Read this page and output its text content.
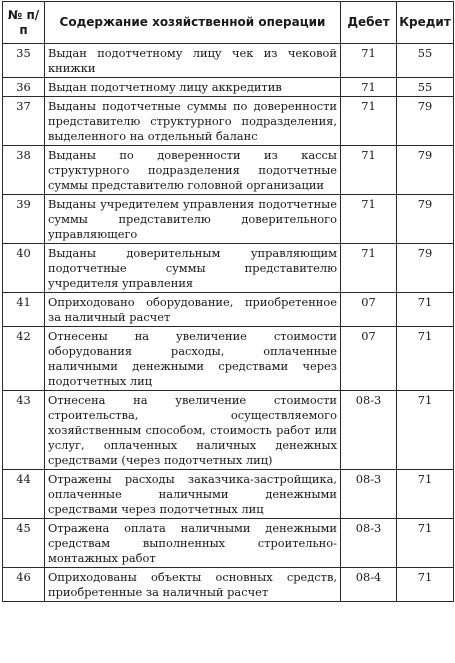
№ п/п	Содержание хозяйственной операции	Дебет	Кредит
35	Выдан подотчетному лицу чек из чековой книжки	71	55
36	Выдан подотчетному лицу аккредитив	71	55
37	Выданы подотчетные суммы по доверенности представителю структурного подразделения, выделенного на отдельный баланс	71	79
38	Выданы по доверенности из кассы структурного подразделения подотчетные суммы представителю головной организации	71	79
39	Выданы учредителем управления подотчетные суммы представителю доверительного управляющего	71	79
40	Выданы доверительным управляющим подотчетные суммы представителю учредителя управления	71	79
41	Оприходовано оборудование, приобретенное за наличный расчет	07	71
42	Отнесены на увеличение стоимости оборудования расходы, оплаченные наличными денежными средствами через подотчетных лиц	07	71
43	Отнесена на увеличение стоимости строительства, осуществляемого хозяйственным способом, стоимость работ или услуг, оплаченных наличных денежных средствами (через подотчетных лиц)	08-3	71
44	Отражены расходы заказчика-застройщика, оплаченные наличными денежными средствами через подотчетных лиц	08-3	71
45	Отражена оплата наличными денежными средствам выполненных строительно-монтажных работ	08-3	71
46	Оприходованы объекты основных средств, приобретенные за наличный расчет	08-4	71
